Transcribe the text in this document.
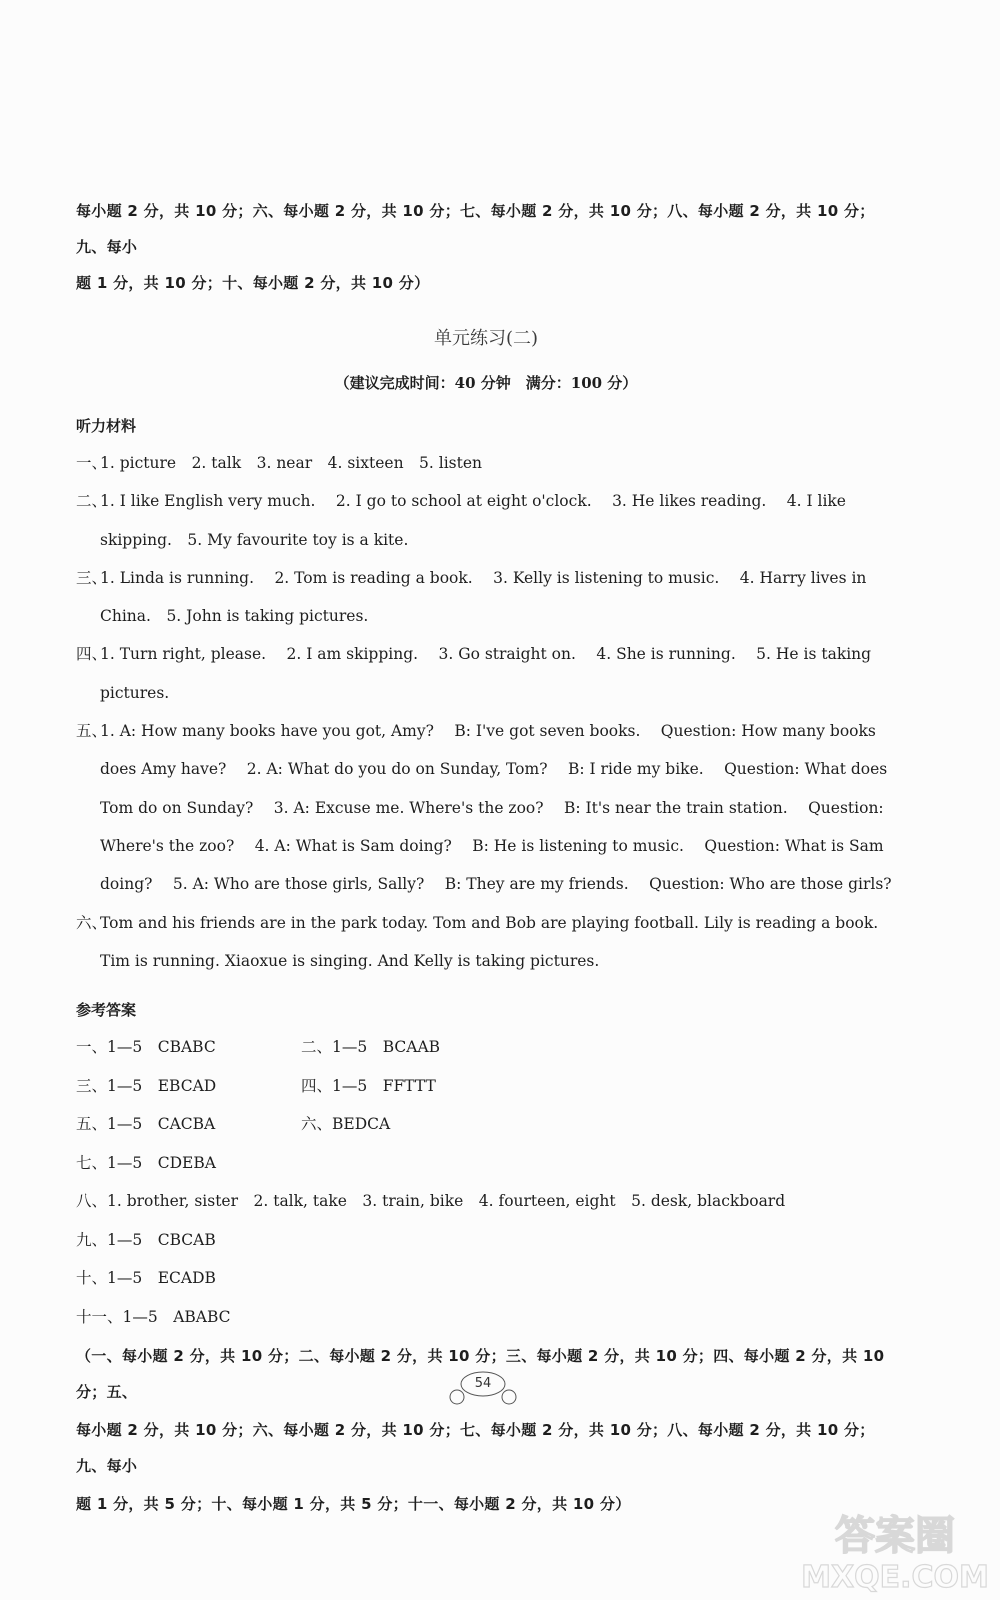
每小题 2 分，共 10 分；六、每小题 2 分，共 10 分；七、每小题 2 分，共 10 分；八、每小题 2 分，共 10 分；九、每小

题 1 分，共 10 分；十、每小题 2 分，共 10 分）

单元练习(二)
（建议完成时间：40 分钟　满分：100 分）
听力材料

一、
1. picture　2. talk　3. near　4. sixteen　5. listen

二、
1. I like English very much.　 2. I go to school at eight o'clock.　 3. He likes reading.　 4. I like skipping.　5. My favourite toy is a kite.

三、
1. Linda is running.　 2. Tom is reading a book.　 3. Kelly is listening to music.　 4. Harry lives in China.　5. John is taking pictures.

四、
1. Turn right, please.　 2. I am skipping.　 3. Go straight on.　 4. She is running.　 5. He is taking pictures.

五、
1. A: How many books have you got, Amy?　 B: I've got seven books.　 Question: How many books does Amy have?　 2. A: What do you do on Sunday, Tom?　 B: I ride my bike.　 Question: What does Tom do on Sunday?　 3. A: Excuse me. Where's the zoo?　 B: It's near the train station.　 Question: Where's the zoo?　 4. A: What is Sam doing?　 B: He is listening to music.　 Question: What is Sam doing?　 5. A: Who are those girls, Sally?　 B: They are my friends.　 Question: Who are those girls?

六、
Tom and his friends are in the park today. Tom and Bob are playing football. Lily is reading a book. Tim is running. Xiaoxue is singing. And Kelly is taking pictures.

参考答案
一、1—5　CBABC	二、1—5　BCAAB
三、1—5　EBCAD	四、1—5　FFTTT
五、1—5　CACBA	六、BEDCA

七、1—5　CDEBA

八、1. brother, sister　2. talk, take　3. train, bike　4. fourteen, eight　5. desk, blackboard

九、1—5　CBCAB

十、1—5　ECADB

十一、1—5　ABABC

（一、每小题 2 分，共 10 分；二、每小题 2 分，共 10 分；三、每小题 2 分，共 10 分；四、每小题 2 分，共 10 分；五、

每小题 2 分，共 10 分；六、每小题 2 分，共 10 分；七、每小题 2 分，共 10 分；八、每小题 2 分，共 10 分；九、每小

题 1 分，共 5 分；十、每小题 1 分，共 5 分；十一、每小题 2 分，共 10 分）

54
答案圈
MXQE.COM
